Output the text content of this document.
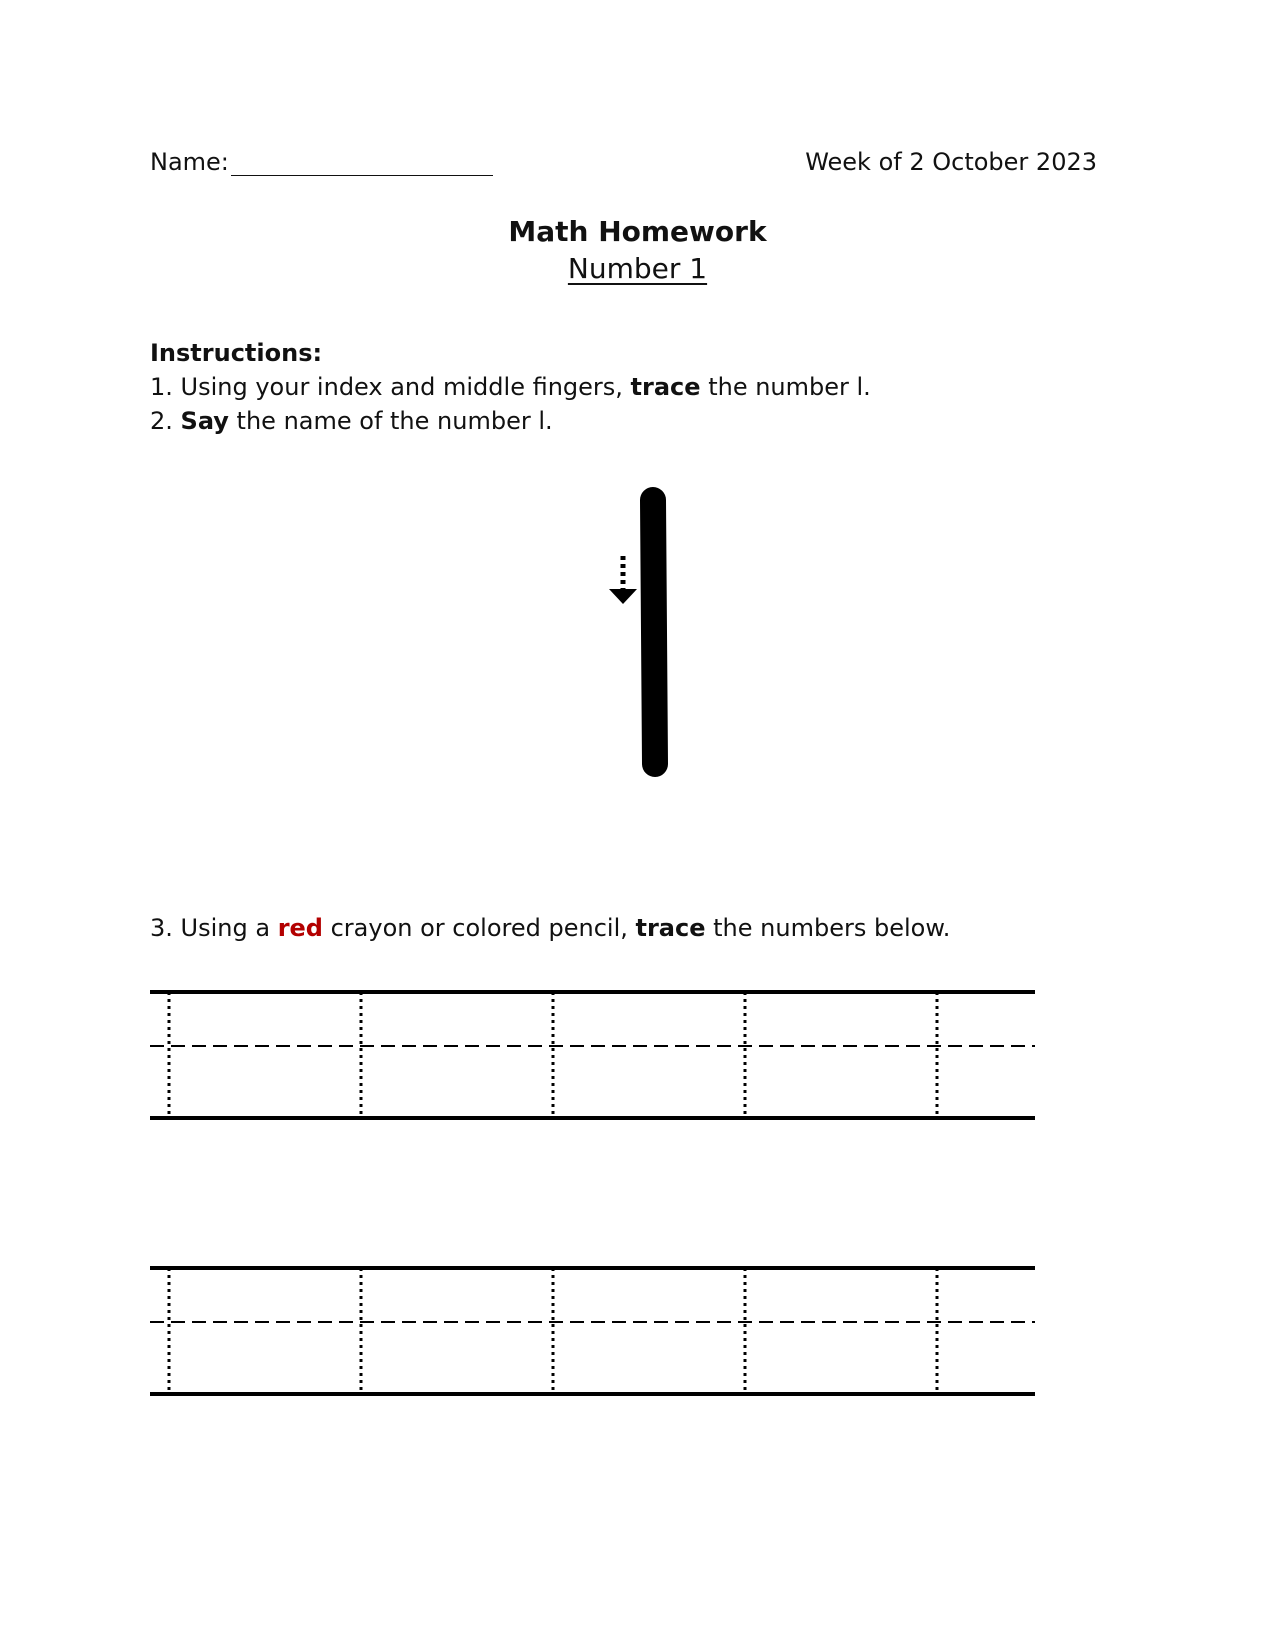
Name:	Week of 2 October 2023
Math Homework
Number 1
Instructions:
1. Using your index and middle fingers, trace the number l.
2. Say the name of the number l.
3. Using a red crayon or colored pencil, trace the numbers below.
